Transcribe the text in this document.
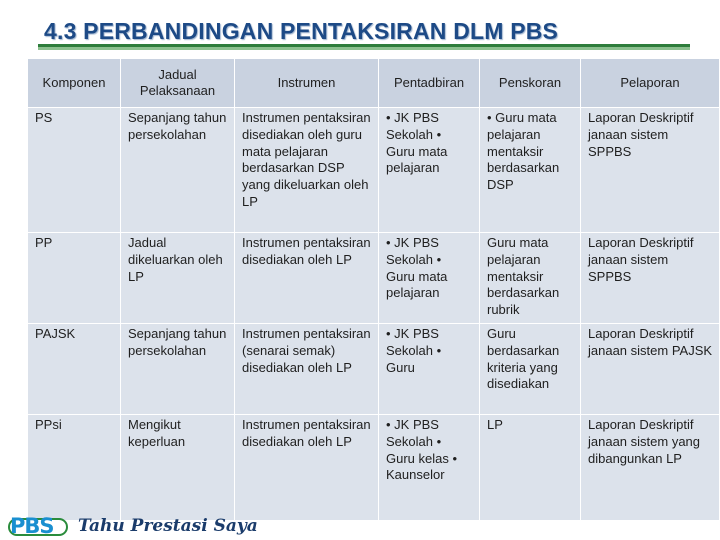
4.3 PERBANDINGAN PENTAKSIRAN DLM PBS
Komponen	Jadual Pelaksanaan	Instrumen	Pentadbiran	Penskoran	Pelaporan
PS	Sepanjang tahun persekolahan	Instrumen pentaksiran disediakan oleh guru mata pelajaran berdasarkan DSP yang dikeluarkan oleh LP	• JK PBS Sekolah • Guru mata pelajaran	• Guru mata pelajaran mentaksir berdasarkan DSP	Laporan Deskriptif janaan sistem SPPBS
PP	Jadual dikeluarkan oleh LP	Instrumen pentaksiran disediakan oleh LP	• JK PBS Sekolah • Guru mata pelajaran	Guru mata pelajaran mentaksir berdasarkan rubrik	Laporan Deskriptif janaan sistem SPPBS
PAJSK	Sepanjang tahun persekolahan	Instrumen pentaksiran (senarai semak) disediakan oleh LP	• JK PBS Sekolah • Guru	Guru berdasarkan kriteria yang disediakan	Laporan Deskriptif janaan sistem PAJSK
PPsi	Mengikut keperluan	Instrumen pentaksiran disediakan oleh LP	• JK PBS Sekolah • Guru kelas • Kaunselor	LP	Laporan Deskriptif janaan sistem yang dibangunkan LP
PBS	Tahu Prestasi Saya
